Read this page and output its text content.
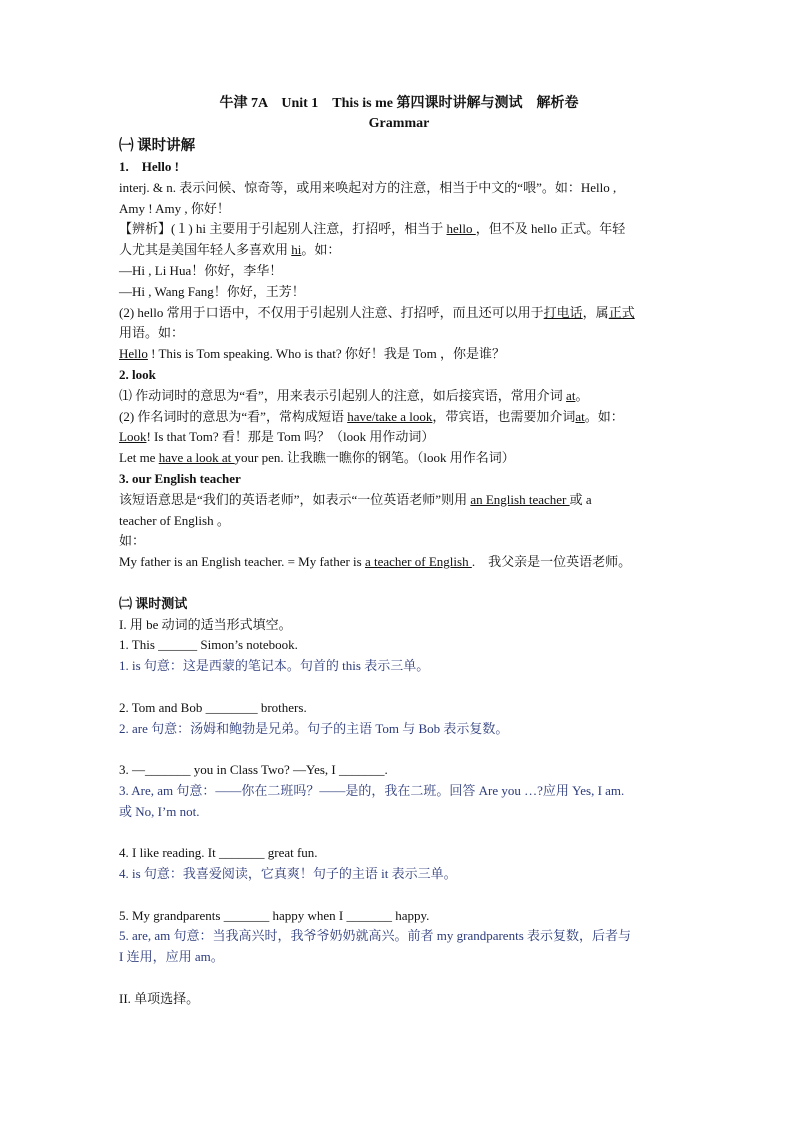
牛津 7A　Unit 1　This is me 第四课时讲解与测试　解析卷

Grammar

㈠ 课时讲解

1.　Hello !

interj. & n. 表示问候、惊奇等，或用来唤起对方的注意，相当于中文的“喂”。如：Hello ,

Amy ! Amy , 你好！

【辨析】(１) hi 主要用于引起别人注意，打招呼，相当于 hello ，但不及 hello 正式。年轻

人尤其是美国年轻人多喜欢用 hi。如：

—Hi , Li Hua！你好，李华！

—Hi , Wang Fang！你好，王芳！

(2) hello 常用于口语中，不仅用于引起别人注意、打招呼，而且还可以用于打电话，属正式

用语。如：

Hello ! This is Tom speaking. Who is that? 你好！我是 Tom ，你是谁？

2. look

⑴ 作动词时的意思为“看”，用来表示引起别人的注意，如后接宾语，常用介词 at。

(2) 作名词时的意思为“看”，常构成短语 have/take a look，带宾语，也需要加介词at。如：

Look! Is that Tom? 看！那是 Tom 吗？（look 用作动词）

Let me have a look at your pen. 让我瞧一瞧你的钢笔。（look 用作名词）

3. our English teacher

该短语意思是“我们的英语老师”，如表示“一位英语老师”则用 an English teacher 或 a

teacher of English 。

如：

My father is an English teacher. = My father is a teacher of English .　我父亲是一位英语老师。

㈡ 课时测试

I. 用 be 动词的适当形式填空。

1. This ______ Simon’s notebook.

1. is 句意：这是西蒙的笔记本。句首的 this 表示三单。

2. Tom and Bob ________ brothers.

2. are 句意：汤姆和鲍勃是兄弟。句子的主语 Tom 与 Bob 表示复数。

3. —_______ you in Class Two? —Yes, I _______.

3. Are, am 句意：——你在二班吗？——是的，我在二班。回答 Are you …?应用 Yes, I am.

或 No, I’m not.

4. I like reading. It _______ great fun.

4. is 句意：我喜爱阅读，它真爽！句子的主语 it 表示三单。

5. My grandparents _______ happy when I _______ happy.

5. are, am 句意：当我高兴时，我爷爷奶奶就高兴。前者 my grandparents 表示复数，后者与

I 连用，应用 am。

II. 单项选择。
